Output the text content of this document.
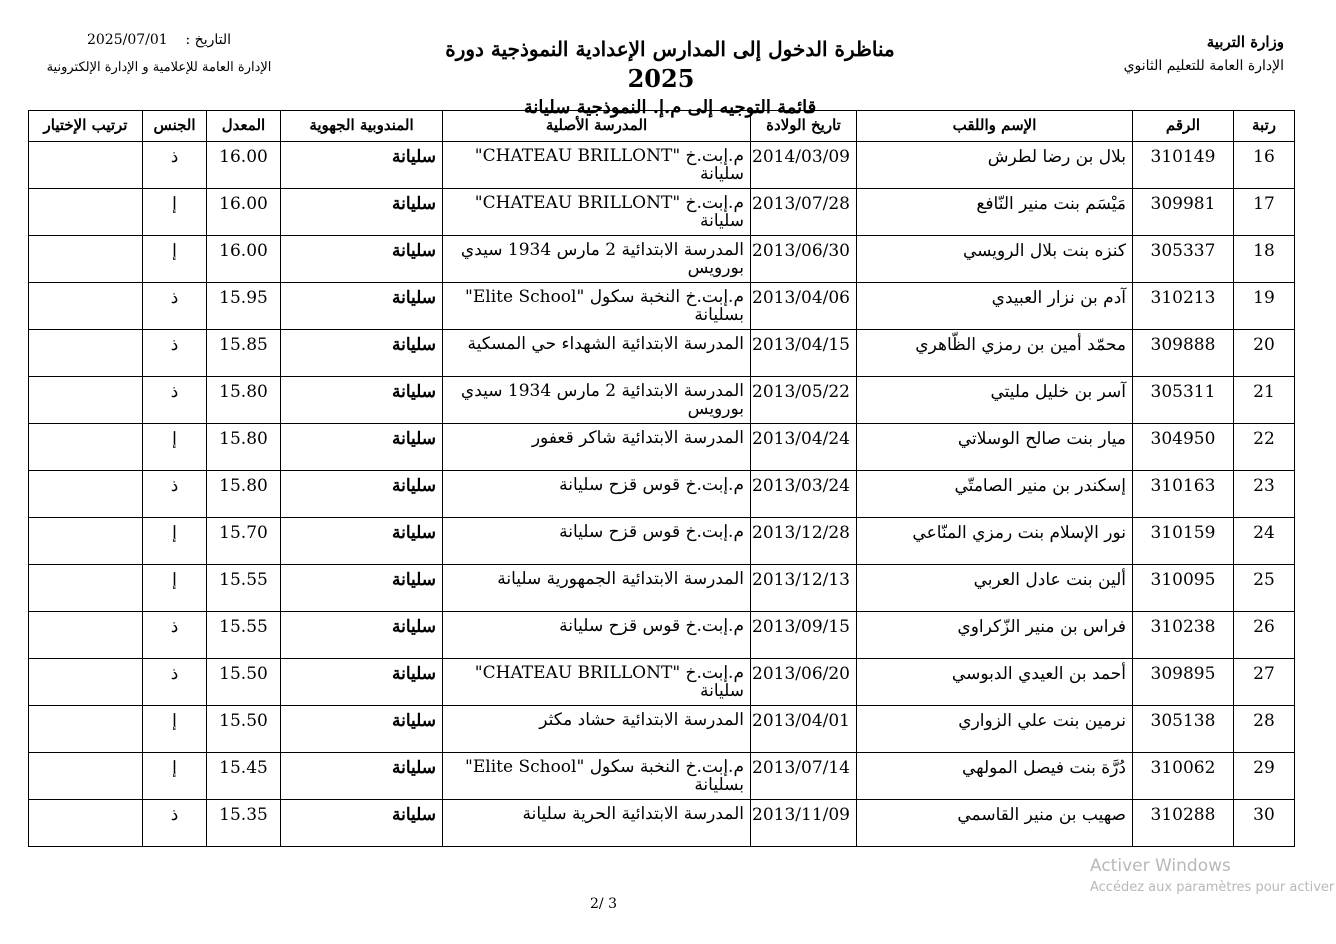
وزارة التربية
الإدارة العامة للتعليم الثانوي
التاريخ :    2025/07/01
الإدارة العامة للإعلامية و الإدارة الإلكترونية
مناظرة الدخول إلى المدارس الإعدادية النموذجية دورة 2025
قائمة التوجيه إلى م.إ. النموذجية سليانة
رتبة	الرقم	الإسم واللقب	تاريخ الولادة	المدرسة الأصلية	المندوبية الجهوية	المعدل	الجنس	ترتيب الإختيار
16	310149	بلال بن رضا لطرش	2014/03/09	م.إبت.خ "CHATEAU BRILLONT" سليانة	سليانة	16.00	ذ	
17	309981	مَيْسَم بنت منير النّافع	2013/07/28	م.إبت.خ "CHATEAU BRILLONT" سليانة	سليانة	16.00	إ	
18	305337	كنزه بنت بلال الرويسي	2013/06/30	المدرسة الابتدائية 2 مارس 1934 سيدي بورويس	سليانة	16.00	إ	
19	310213	آدم بن نزار العبيدي	2013/04/06	م.إبت.خ النخبة سكول "Elite School" بسليانة	سليانة	15.95	ذ	
20	309888	محمّد أمين بن رمزي الظّاهري	2013/04/15	المدرسة الابتدائية الشهداء حي المسكية	سليانة	15.85	ذ	
21	305311	آسر بن خليل مليتي	2013/05/22	المدرسة الابتدائية 2 مارس 1934 سيدي بورويس	سليانة	15.80	ذ	
22	304950	ميار بنت صالح الوسلاتي	2013/04/24	المدرسة الابتدائية شاكر قعفور	سليانة	15.80	إ	
23	310163	إسكندر بن منير الصامتّي	2013/03/24	م.إبت.خ قوس قزح سليانة	سليانة	15.80	ذ	
24	310159	نور الإسلام بنت رمزي المنّاعي	2013/12/28	م.إبت.خ قوس قزح سليانة	سليانة	15.70	إ	
25	310095	ألين بنت عادل العربي	2013/12/13	المدرسة الابتدائية الجمهورية سليانة	سليانة	15.55	إ	
26	310238	فراس بن منير الزّكراوي	2013/09/15	م.إبت.خ قوس قزح سليانة	سليانة	15.55	ذ	
27	309895	أحمد بن العيدي الدبوسي	2013/06/20	م.إبت.خ "CHATEAU BRILLONT" سليانة	سليانة	15.50	ذ	
28	305138	نرمين بنت علي الزواري	2013/04/01	المدرسة الابتدائية حشاد مكثر	سليانة	15.50	إ	
29	310062	دُرَّة بنت فيصل المولهي	2013/07/14	م.إبت.خ النخبة سكول "Elite School" بسليانة	سليانة	15.45	إ	
30	310288	صهيب بن منير القاسمي	2013/11/09	المدرسة الابتدائية الحرية سليانة	سليانة	15.35	ذ	
Activer Windows
Accédez aux paramètres pour activer
2/ 3
